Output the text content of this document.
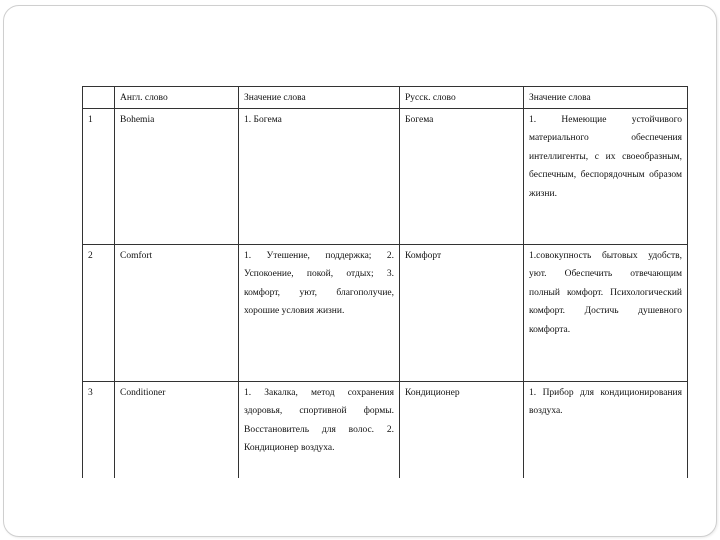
	Англ. слово	Значение слова	Русск. слово	Значение слова
1	Bohemia	1. Богема	Богема	1. Немеющие устойчивого материального обеспечения интеллигенты, с их своеобразным, беспечным, беспорядочным образом жизни.
2	Comfort	1. Утешение, поддержка; 2. Успокоение, покой, отдых; 3. комфорт, уют, благополучие, хорошие условия жизни.	Комфорт	1.совокупность бытовых удобств, уют. Обеспечить отвечающим полный комфорт. Психологический комфорт. Достичь душевного комфорта.
3	Conditioner	1. Закалка, метод сохранения здоровья, спортивной формы. Восстановитель для волос. 2. Кондиционер воздуха.	Кондиционер	1. Прибор для кондиционирования воздуха.
